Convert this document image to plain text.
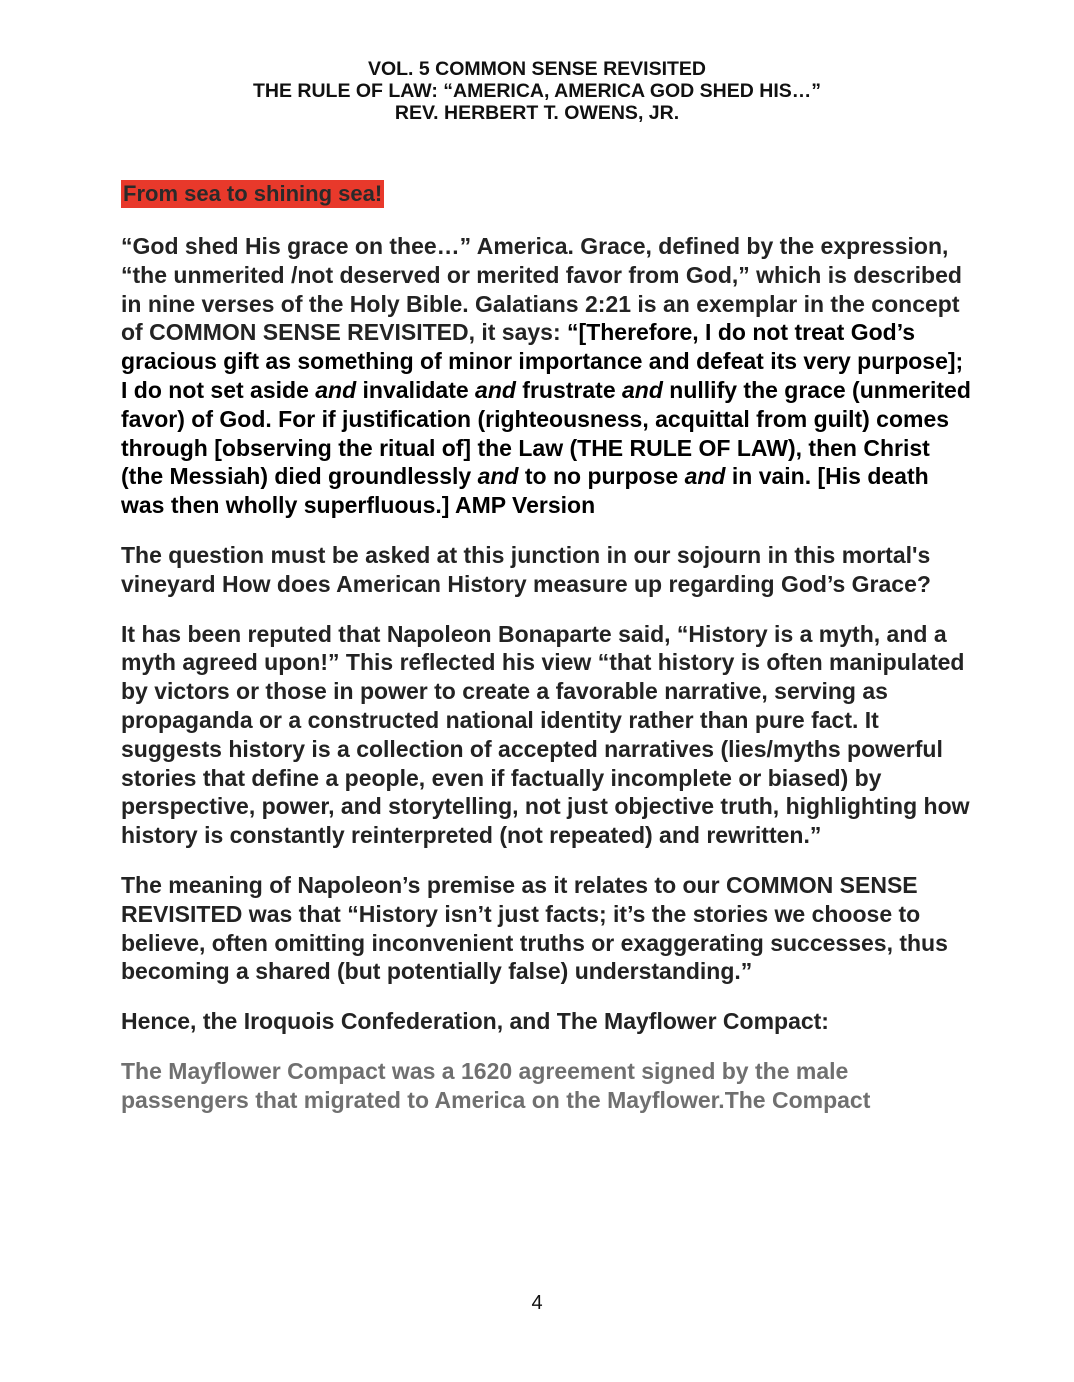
VOL. 5 COMMON SENSE REVISITED
THE RULE OF LAW: “AMERICA, AMERICA GOD SHED HIS…”
REV. HERBERT T. OWENS, JR.
From sea to shining sea!

“God shed His grace on thee…” America. Grace, defined by the expression, “the unmerited /not deserved or merited favor from God,” which is described in nine verses of the Holy Bible. Galatians 2:21 is an exemplar in the concept of COMMON SENSE REVISITED, it says: “[Therefore, I do not treat God’s gracious gift as something of minor importance and defeat its very purpose]; I do not set aside and invalidate and frustrate and nullify the grace (unmerited favor) of God. For if justification (righteousness, acquittal from guilt) comes through [observing the ritual of] the Law (THE RULE OF LAW), then Christ (the Messiah) died groundlessly and to no purpose and in vain. [His death was then wholly superfluous.] AMP Version

The question must be asked at this junction in our sojourn in this mortal's vineyard How does American History measure up regarding God’s Grace?

It has been reputed that Napoleon Bonaparte said, “History is a myth, and a myth agreed upon!” This reflected his view “that history is often manipulated by victors or those in power to create a favorable narrative, serving as propaganda or a constructed national identity rather than pure fact. It suggests history is a collection of accepted narratives (lies/myths powerful stories that define a people, even if factually incomplete or biased) by perspective, power, and storytelling, not just objective truth, highlighting how history is constantly reinterpreted (not repeated) and rewritten.”

The meaning of Napoleon’s premise as it relates to our COMMON SENSE REVISITED was that “History isn’t just facts; it’s the stories we choose to believe, often omitting inconvenient truths or exaggerating successes, thus becoming a shared (but potentially false) understanding.”

Hence, the Iroquois Confederation, and The Mayflower Compact:

The Mayflower Compact was a 1620 agreement signed by the male passengers that migrated to America on the Mayflower.The Compact

4
